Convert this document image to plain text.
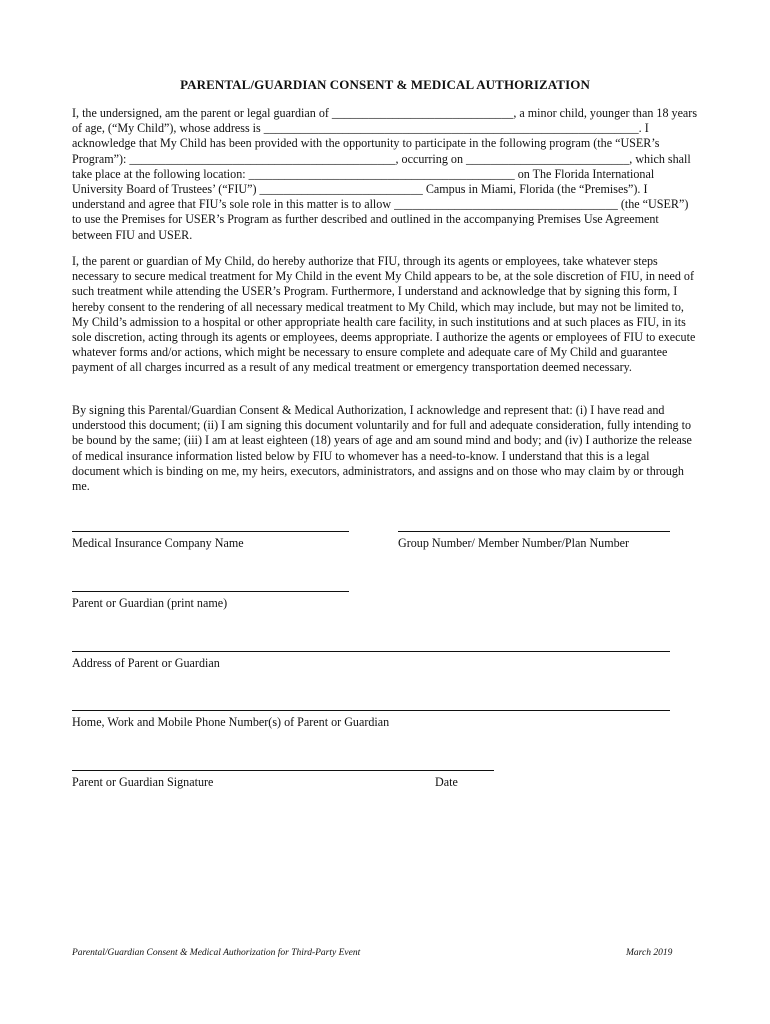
PARENTAL/GUARDIAN CONSENT & MEDICAL AUTHORIZATION
I, the undersigned, am the parent or legal guardian of ______________________________, a minor child, younger than 18 years of age, (“My Child”), whose address is ______________________________________________________________. I acknowledge that My Child has been provided with the opportunity to participate in the following program (the “USER’s Program”): ____________________________________________, occurring on ___________________________, which shall take place at the following location: ____________________________________________ on The Florida International University Board of Trustees’ (“FIU”) ___________________________ Campus in Miami, Florida (the “Premises”). I understand and agree that FIU’s sole role in this matter is to allow _____________________________________ (the “USER”) to use the Premises for USER’s Program as further described and outlined in the accompanying Premises Use Agreement between FIU and USER.
I, the parent or guardian of My Child, do hereby authorize that FIU, through its agents or employees, take whatever steps necessary to secure medical treatment for My Child in the event My Child appears to be, at the sole discretion of FIU, in need of such treatment while attending the USER’s Program. Furthermore, I understand and acknowledge that by signing this form, I hereby consent to the rendering of all necessary medical treatment to My Child, which may include, but may not be limited to, My Child’s admission to a hospital or other appropriate health care facility, in such institutions and at such places as FIU, in its sole discretion, acting through its agents or employees, deems appropriate. I authorize the agents or employees of FIU to execute whatever forms and/or actions, which might be necessary to ensure complete and adequate care of My Child and guarantee payment of all charges incurred as a result of any medical treatment or emergency transportation deemed necessary.
By signing this Parental/Guardian Consent & Medical Authorization, I acknowledge and represent that: (i) I have read and understood this document; (ii) I am signing this document voluntarily and for full and adequate consideration, fully intending to be bound by the same; (iii) I am at least eighteen (18) years of age and am sound mind and body; and (iv) I authorize the release of medical insurance information listed below by FIU to whomever has a need-to-know. I understand that this is a legal document which is binding on me, my heirs, executors, administrators, and assigns and on those who may claim by or through me.
Medical Insurance Company Name	Group Number/ Member Number/Plan Number
Parent or Guardian (print name)
Address of Parent or Guardian
Home, Work and Mobile Phone Number(s) of Parent or Guardian
Parent or Guardian Signature	Date
Parental/Guardian Consent & Medical Authorization for Third-Party Event	March 2019
